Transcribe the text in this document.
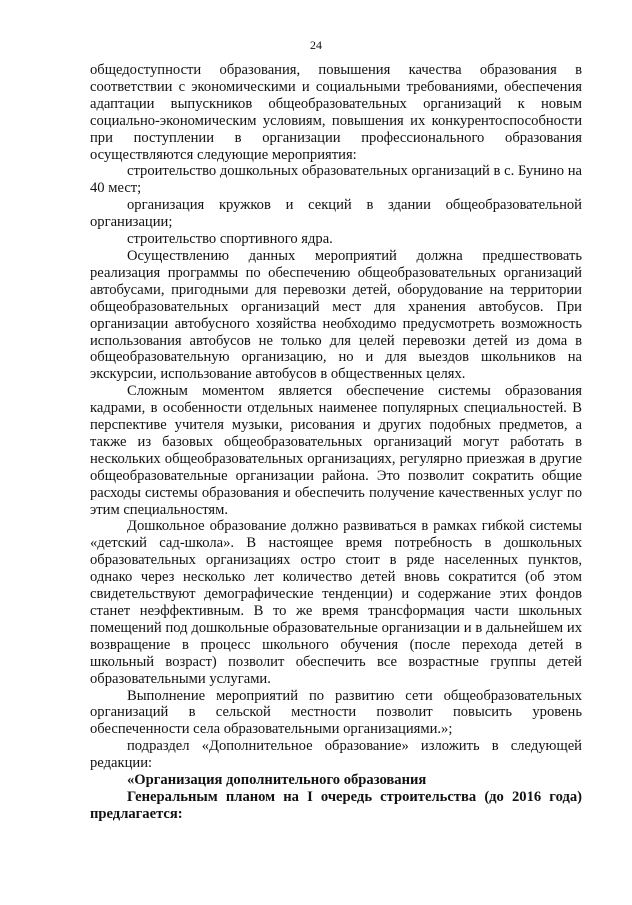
24

общедоступности образования, повышения качества образования в соответствии с экономическими и социальными требованиями, обеспечения адаптации выпускников общеобразовательных организаций к новым социально-экономическим условиям, повышения их конкурентоспособности при поступлении в организации профессионального образования осуществляются следующие мероприятия:

строительство дошкольных образовательных организаций в с. Бунино на 40 мест;

организация кружков и секций в здании общеобразовательной организации;

строительство спортивного ядра.

Осуществлению данных мероприятий должна предшествовать реализация программы по обеспечению общеобразовательных организаций автобусами, пригодными для перевозки детей, оборудование на территории общеобразовательных организаций мест для хранения автобусов. При организации автобусного хозяйства необходимо предусмотреть возможность использования автобусов не только для целей перевозки детей из дома в общеобразовательную организацию, но и для выездов школьников на экскурсии, использование автобусов в общественных целях.

Сложным моментом является обеспечение системы образования кадрами, в особенности отдельных наименее популярных специальностей. В перспективе учителя музыки, рисования и других подобных предметов, а также из базовых общеобразовательных организаций могут работать в нескольких общеобразовательных организациях, регулярно приезжая в другие общеобразовательные организации района. Это позволит сократить общие расходы системы образования и обеспечить получение качественных услуг по этим специальностям.

Дошкольное образование должно развиваться в рамках гибкой системы «детский сад-школа». В настоящее время потребность в дошкольных образовательных организациях остро стоит в ряде населенных пунктов, однако через несколько лет количество детей вновь сократится (об этом свидетельствуют демографические тенденции) и содержание этих фондов станет неэффективным. В то же время трансформация части школьных помещений под дошкольные образовательные организации и в дальнейшем их возвращение в процесс школьного обучения (после перехода детей в школьный возраст) позволит обеспечить все возрастные группы детей образовательными услугами.

Выполнение мероприятий по развитию сети общеобразовательных организаций в сельской местности позволит повысить уровень обеспеченности села образовательными организациями.»;

подраздел «Дополнительное образование» изложить в следующей редакции:

«Организация дополнительного образования

Генеральным планом на I очередь строительства (до 2016 года) предлагается:
